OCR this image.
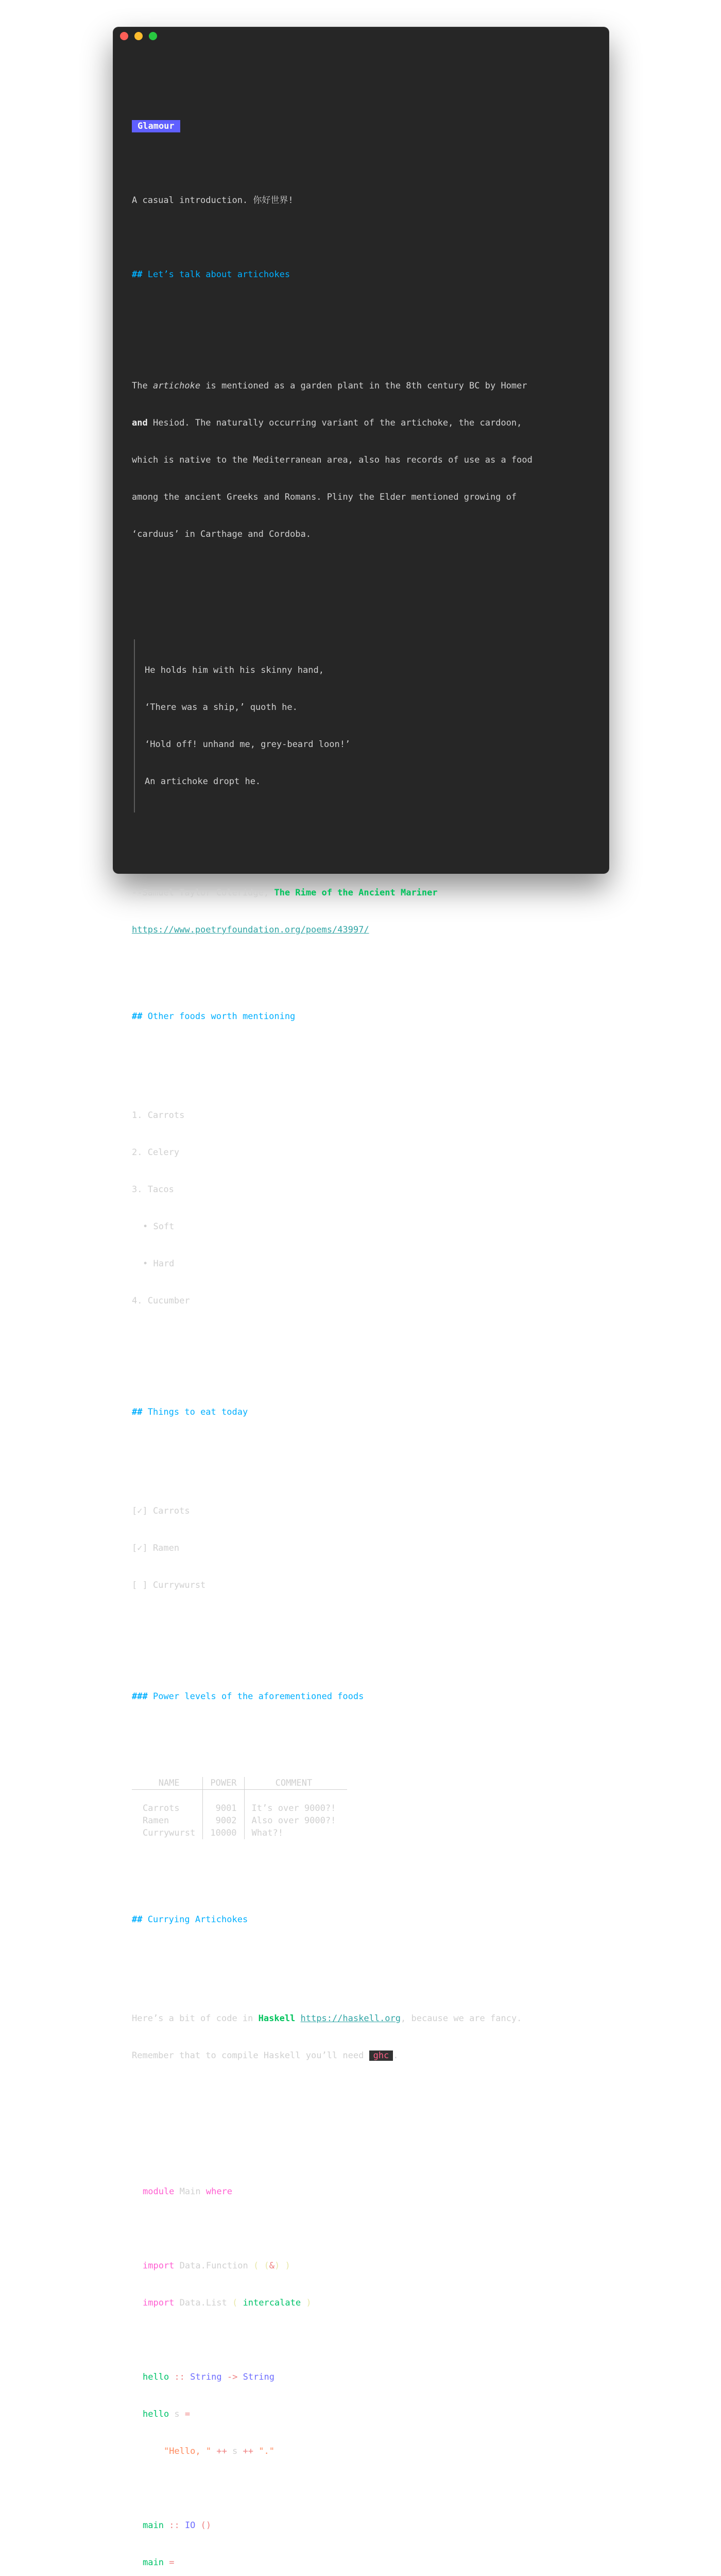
Glamour

A casual introduction. 你好世界!

## Let’s talk about artichokes

The artichoke is mentioned as a garden plant in the 8th century BC by Homer

and Hesiod. The naturally occurring variant of the artichoke, the cardoon,

which is native to the Mediterranean area, also has records of use as a food

among the ancient Greeks and Romans. Pliny the Elder mentioned growing of

‘carduus’ in Carthage and Cordoba.

He holds him with his skinny hand,

‘There was a ship,’ quoth he.

‘Hold off! unhand me, grey-beard loon!’

An artichoke dropt he.

--Samuel Taylor Coleridge, The Rime of the Ancient Mariner

https://www.poetryfoundation.org/poems/43997/

## Other foods worth mentioning

1. Carrots

2. Celery

3. Tacos

• Soft

• Hard

4. Cucumber

## Things to eat today

[✓] Carrots

[✓] Ramen

[ ] Currywurst

### Power levels of the aforementioned foods

NAME	POWER	COMMENT

Carrots	9001	It’s over 9000?!
Ramen	9002	Also over 9000?!
Currywurst	10000	What?!

## Currying Artichokes

Here’s a bit of code in Haskell https://haskell.org, because we are fancy.

Remember that to compile Haskell you’ll need ghc .

module Main where

import Data.Function ( (&) )

import Data.List ( intercalate )

hello :: String -> String

hello s =

"Hello, " ++ s ++ "."

main :: IO ()

main =
